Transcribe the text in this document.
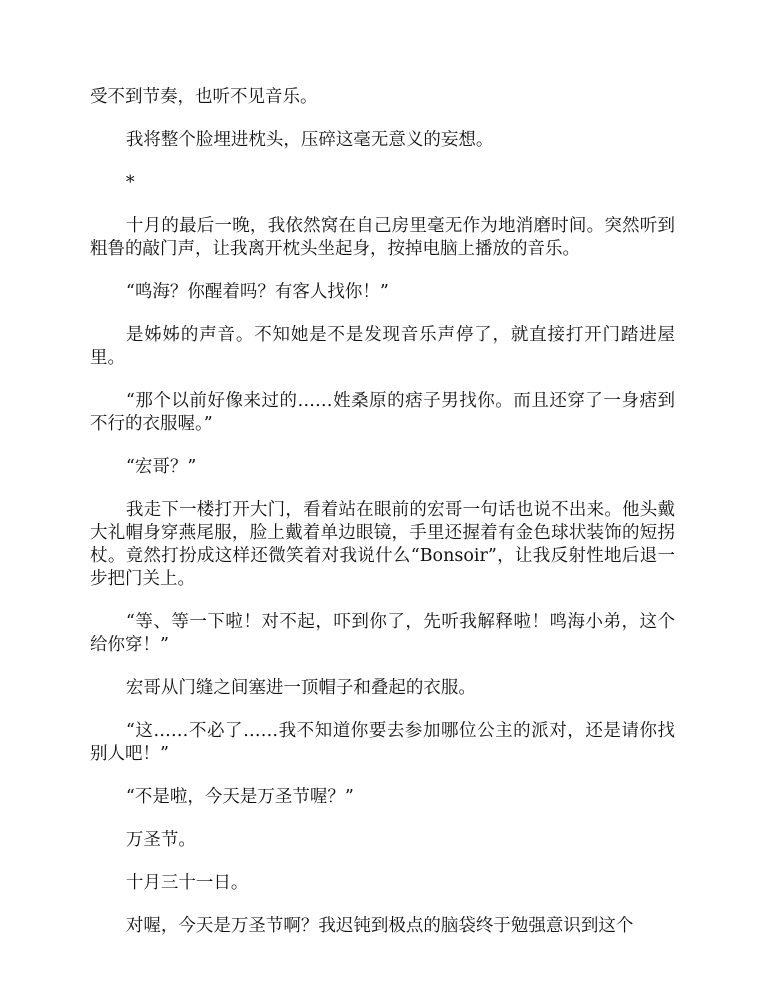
受不到节奏，也听不见音乐。

我将整个脸埋进枕头，压碎这毫无意义的妄想。

*

十月的最后一晚，我依然窝在自己房里毫无作为地消磨时间。突然听到粗鲁的敲门声，让我离开枕头坐起身，按掉电脑上播放的音乐。

“鸣海？你醒着吗？有客人找你！”

是姊姊的声音。不知她是不是发现音乐声停了，就直接打开门踏进屋里。

“那个以前好像来过的……姓桑原的痞子男找你。而且还穿了一身痞到不行的衣服喔。”

“宏哥？”

我走下一楼打开大门，看着站在眼前的宏哥一句话也说不出来。他头戴大礼帽身穿燕尾服，脸上戴着单边眼镜，手里还握着有金色球状装饰的短拐杖。竟然打扮成这样还微笑着对我说什么“Bonsoir”，让我反射性地后退一步把门关上。

“等、等一下啦！对不起，吓到你了，先听我解释啦！鸣海小弟，这个给你穿！”

宏哥从门缝之间塞进一顶帽子和叠起的衣服。

“这……不必了……我不知道你要去参加哪位公主的派对，还是请你找别人吧！”

“不是啦，今天是万圣节喔？”

万圣节。

十月三十一日。

对喔，今天是万圣节啊？我迟钝到极点的脑袋终于勉强意识到这个
